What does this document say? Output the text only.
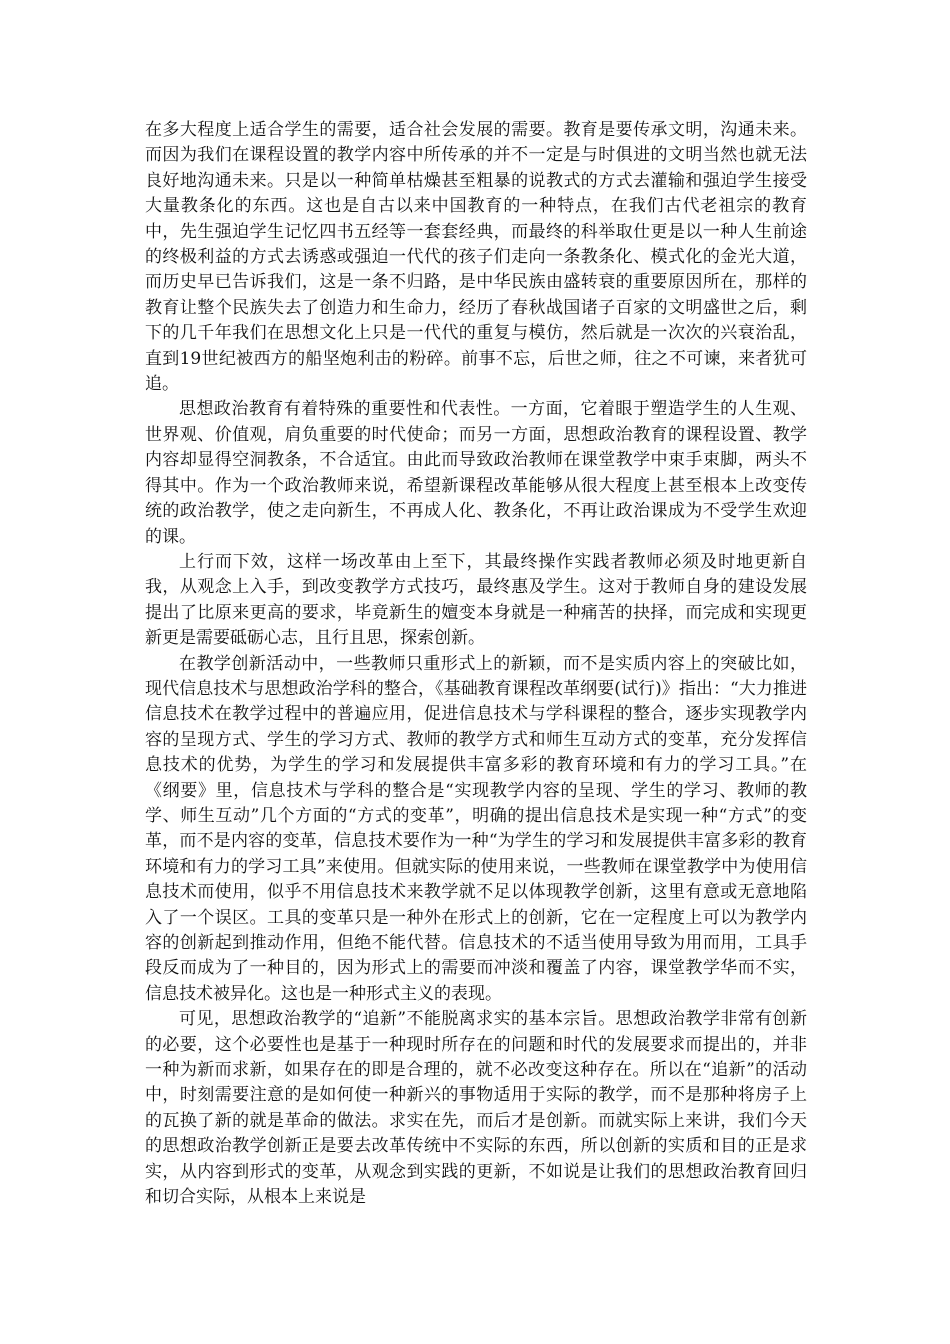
在多大程度上适合学生的需要，适合社会发展的需要。教育是要传承文明，沟通未来。而因为我们在课程设置的教学内容中所传承的并不一定是与时俱进的文明当然也就无法良好地沟通未来。只是以一种简单枯燥甚至粗暴的说教式的方式去灌输和强迫学生接受大量教条化的东西。这也是自古以来中国教育的一种特点，在我们古代老祖宗的教育中，先生强迫学生记忆四书五经等一套套经典，而最终的科举取仕更是以一种人生前途的终极利益的方式去诱惑或强迫一代代的孩子们走向一条教条化、模式化的金光大道，而历史早已告诉我们，这是一条不归路，是中华民族由盛转衰的重要原因所在，那样的教育让整个民族失去了创造力和生命力，经历了春秋战国诸子百家的文明盛世之后，剩下的几千年我们在思想文化上只是一代代的重复与模仿，然后就是一次次的兴衰治乱，直到19世纪被西方的船坚炮利击的粉碎。前事不忘，后世之师，往之不可谏，来者犹可追。

思想政治教育有着特殊的重要性和代表性。一方面，它着眼于塑造学生的人生观、世界观、价值观，肩负重要的时代使命；而另一方面，思想政治教育的课程设置、教学内容却显得空洞教条，不合适宜。由此而导致政治教师在课堂教学中束手束脚，两头不得其中。作为一个政治教师来说，希望新课程改革能够从很大程度上甚至根本上改变传统的政治教学，使之走向新生，不再成人化、教条化，不再让政治课成为不受学生欢迎的课。

上行而下效，这样一场改革由上至下，其最终操作实践者教师必须及时地更新自我，从观念上入手，到改变教学方式技巧，最终惠及学生。这对于教师自身的建设发展提出了比原来更高的要求，毕竟新生的嬗变本身就是一种痛苦的抉择，而完成和实现更新更是需要砥砺心志，且行且思，探索创新。

在教学创新活动中，一些教师只重形式上的新颖，而不是实质内容上的突破比如，现代信息技术与思想政治学科的整合，《基础教育课程改革纲要(试行)》指出：“大力推进信息技术在教学过程中的普遍应用，促进信息技术与学科课程的整合，逐步实现教学内容的呈现方式、学生的学习方式、教师的教学方式和师生互动方式的变革，充分发挥信息技术的优势，为学生的学习和发展提供丰富多彩的教育环境和有力的学习工具。”在《纲要》里，信息技术与学科的整合是“实现教学内容的呈现、学生的学习、教师的教学、师生互动”几个方面的“方式的变革”，明确的提出信息技术是实现一种“方式”的变革，而不是内容的变革，信息技术要作为一种“为学生的学习和发展提供丰富多彩的教育环境和有力的学习工具”来使用。但就实际的使用来说，一些教师在课堂教学中为使用信息技术而使用，似乎不用信息技术来教学就不足以体现教学创新，这里有意或无意地陷入了一个误区。工具的变革只是一种外在形式上的创新，它在一定程度上可以为教学内容的创新起到推动作用，但绝不能代替。信息技术的不适当使用导致为用而用，工具手段反而成为了一种目的，因为形式上的需要而冲淡和覆盖了内容，课堂教学华而不实，信息技术被异化。这也是一种形式主义的表现。

可见，思想政治教学的“追新”不能脱离求实的基本宗旨。思想政治教学非常有创新的必要，这个必要性也是基于一种现时所存在的问题和时代的发展要求而提出的，并非一种为新而求新，如果存在的即是合理的，就不必改变这种存在。所以在“追新”的活动中，时刻需要注意的是如何使一种新兴的事物适用于实际的教学，而不是那种将房子上的瓦换了新的就是革命的做法。求实在先，而后才是创新。而就实际上来讲，我们今天的思想政治教学创新正是要去改革传统中不实际的东西，所以创新的实质和目的正是求实，从内容到形式的变革，从观念到实践的更新，不如说是让我们的思想政治教育回归和切合实际，从根本上来说是
